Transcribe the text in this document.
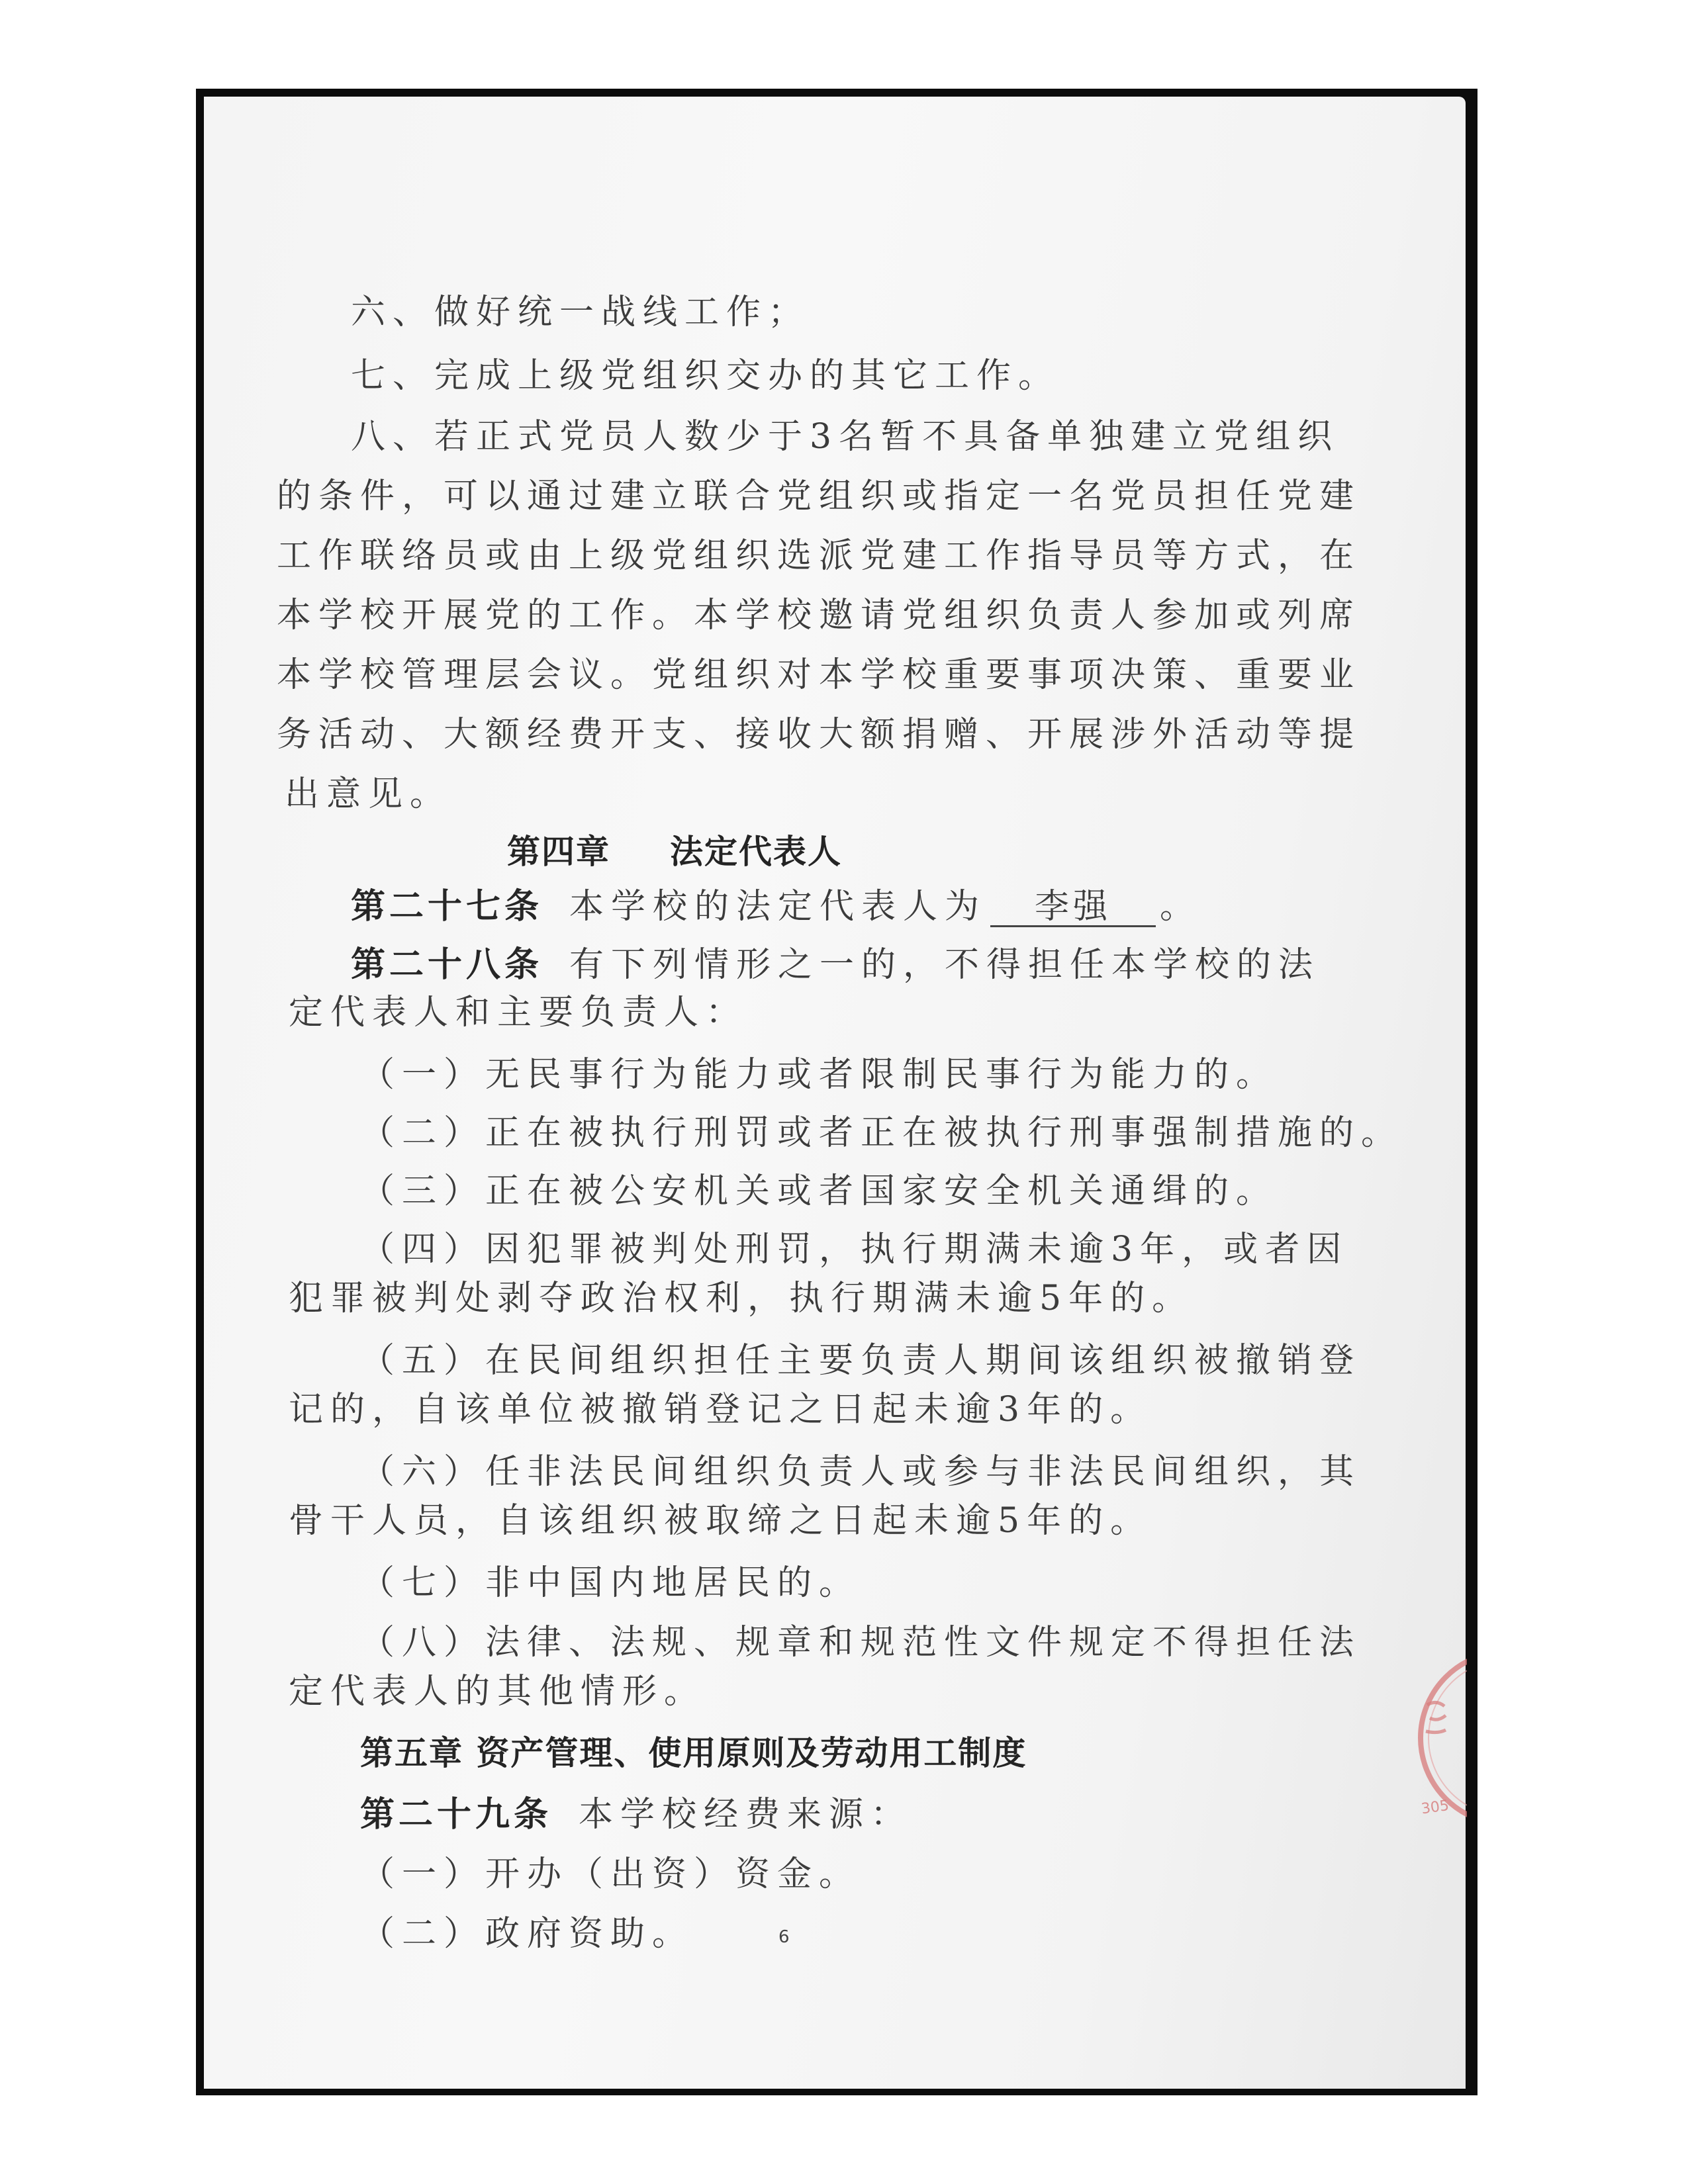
六、做好统一战线工作；

七、完成上级党组织交办的其它工作。

八、若正式党员人数少于3名暂不具备单独建立党组织

的条件，可以通过建立联合党组织或指定一名党员担任党建

工作联络员或由上级党组织选派党建工作指导员等方式，在

本学校开展党的工作。本学校邀请党组织负责人参加或列席

本学校管理层会议。党组织对本学校重要事项决策、重要业

务活动、大额经费开支、接收大额捐赠、开展涉外活动等提

出意见。

第四章 法定代表人

第二十七条 本学校的法定代表人为 李强 。

第二十八条 有下列情形之一的，不得担任本学校的法

定代表人和主要负责人：

（一）无民事行为能力或者限制民事行为能力的。

（二）正在被执行刑罚或者正在被执行刑事强制措施的。

（三）正在被公安机关或者国家安全机关通缉的。

（四）因犯罪被判处刑罚，执行期满未逾3年，或者因

犯罪被判处剥夺政治权利，执行期满未逾5年的。

（五）在民间组织担任主要负责人期间该组织被撤销登

记的，自该单位被撤销登记之日起未逾3年的。

（六）任非法民间组织负责人或参与非法民间组织，其

骨干人员，自该组织被取缔之日起未逾5年的。

（七）非中国内地居民的。

（八）法律、法规、规章和规范性文件规定不得担任法

定代表人的其他情形。

第五章 资产管理、使用原则及劳动用工制度

第二十九条 本学校经费来源：

（一）开办（出资）资金。

（二）政府资助。	6

305
